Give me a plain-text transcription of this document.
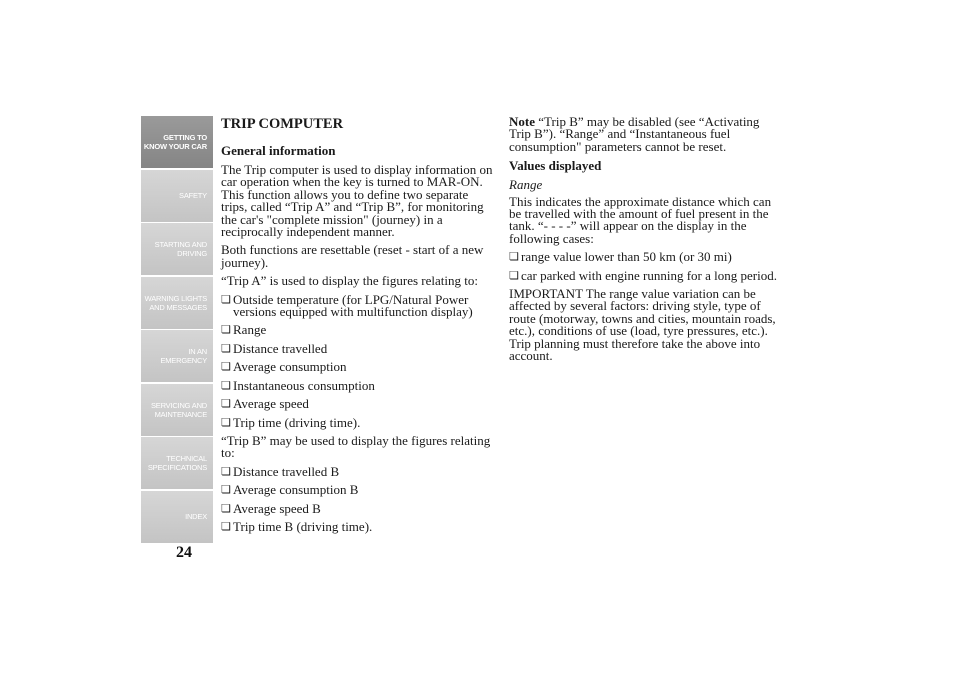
GETTING TO
KNOW YOUR CAR
SAFETY
STARTING AND
DRIVING
WARNING LIGHTS
AND MESSAGES
IN AN EMERGENCY
SERVICING AND
MAINTENANCE
TECHNICAL
SPECIFICATIONS
INDEX
24
TRIP COMPUTER
General information

The Trip computer is used to display information on car operation when the key is turned to MAR-ON. This function allows you to define two separate trips, called “Trip A” and “Trip B”, for monitoring the car's "complete mission" (journey) in a reciprocally independent manner.

Both functions are resettable (reset - start of a new journey).

“Trip A” is used to display the figures relating to:

❏ Outside temperature (for LPG/Natural Power versions equipped with multifunction display)
❏ Range
❏ Distance travelled
❏ Average consumption
❏ Instantaneous consumption
❏ Average speed
❏ Trip time (driving time).

“Trip B” may be used to display the figures relating to:

❏ Distance travelled B
❏ Average consumption B
❏ Average speed B
❏ Trip time B (driving time).

Note “Trip B” may be disabled (see “Activating Trip B”). “Range” and “Instantaneous fuel consumption" parameters cannot be reset.

Values displayed

Range

This indicates the approximate distance which can be travelled with the amount of fuel present in the tank. “- - - -” will appear on the display in the following cases:

❏ range value lower than 50 km (or 30 mi)
❏ car parked with engine running for a long period.

IMPORTANT The range value variation can be affected by several factors: driving style, type of route (motorway, towns and cities, mountain roads, etc.), conditions of use (load, tyre pressures, etc.). Trip planning must therefore take the above into account.
